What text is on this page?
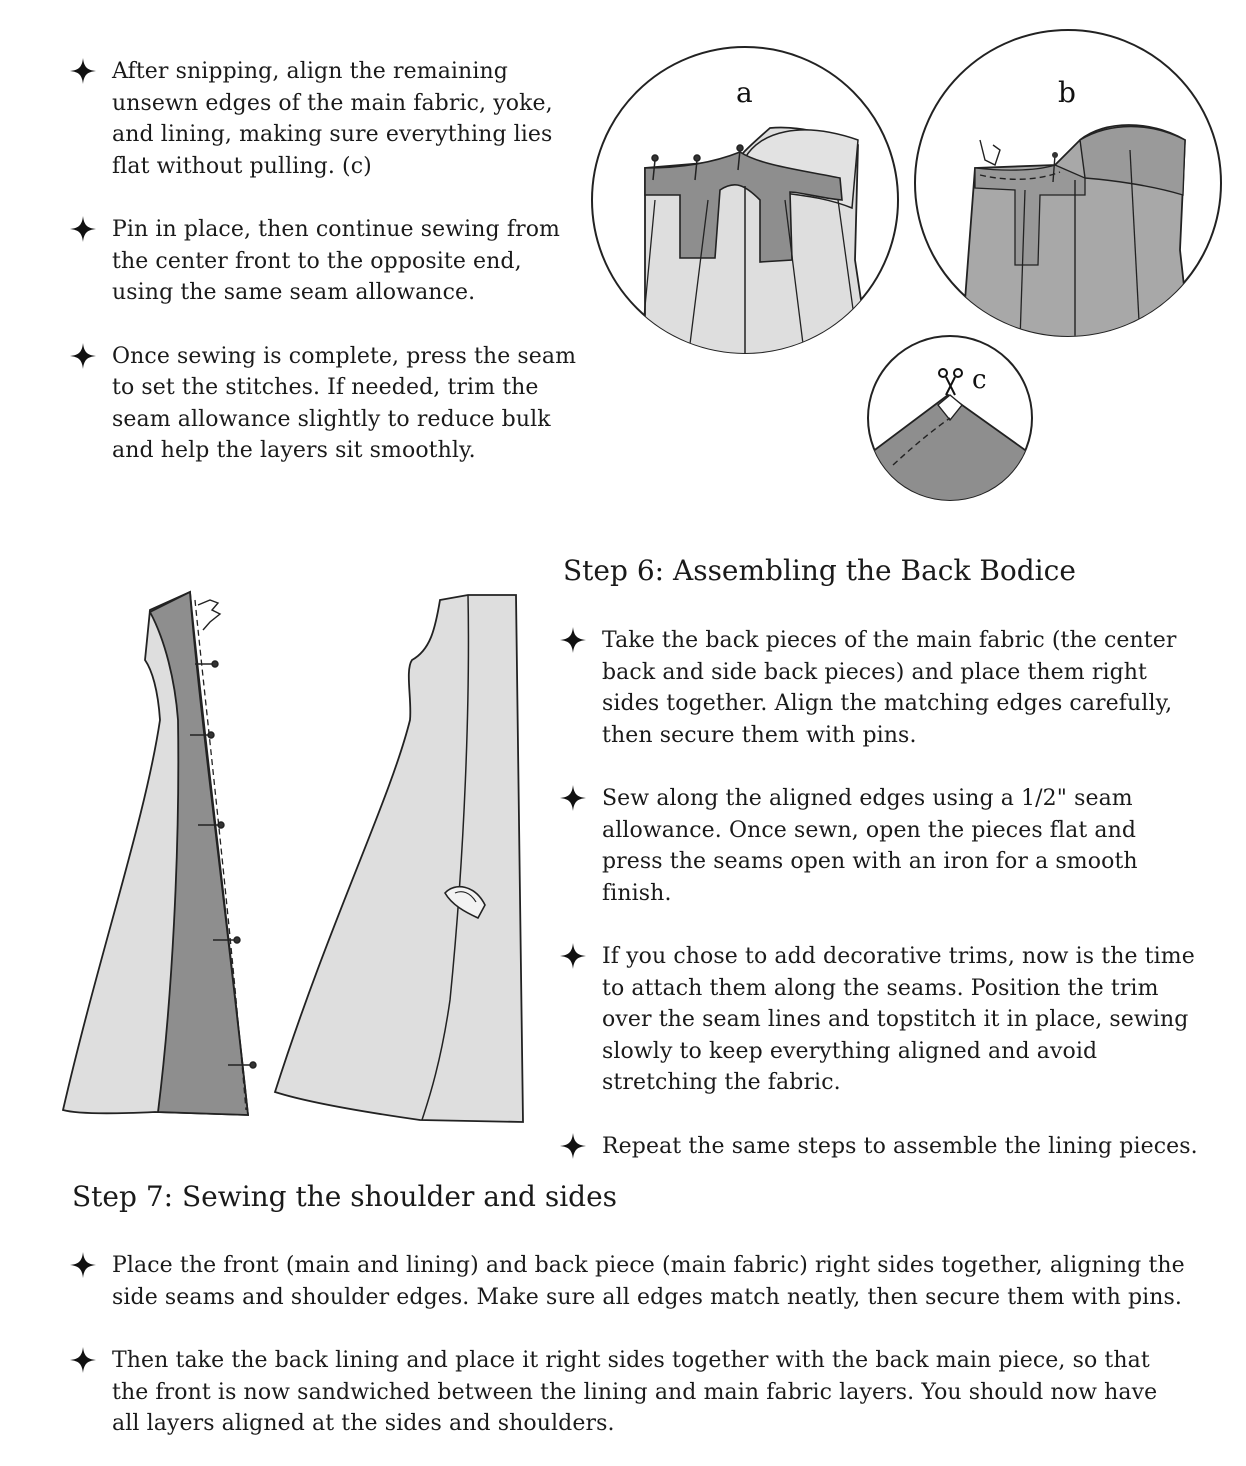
a	b
c
After snipping, align the remaining unsewn edges of the main fabric, yoke, and lining, making sure everything lies flat without pulling. (c)
Pin in place, then continue sewing from the center front to the opposite end, using the same seam allowance.
Once sewing is complete, press the seam to set the stitches. If needed, trim the seam allowance slightly to reduce bulk and help the layers sit smoothly.
Step 6: Assembling the Back Bodice
Take the back pieces of the main fabric (the center back and side back pieces) and place them right sides together. Align the matching edges carefully, then secure them with pins.
Sew along the aligned edges using a 1/2" seam allowance. Once sewn, open the pieces flat and press the seams open with an iron for a smooth finish.
If you chose to add decorative trims, now is the time to attach them along the seams. Position the trim over the seam lines and topstitch it in place, sewing slowly to keep everything aligned and avoid stretching the fabric.
Repeat the same steps to assemble the lining pieces.
Step 7: Sewing the shoulder and sides
Place the front (main and lining) and back piece (main fabric) right sides together, aligning the side seams and shoulder edges. Make sure all edges match neatly, then secure them with pins.
Then take the back lining and place it right sides together with the back main piece, so that the front is now sandwiched between the lining and main fabric layers. You should now have all layers aligned at the sides and shoulders.
